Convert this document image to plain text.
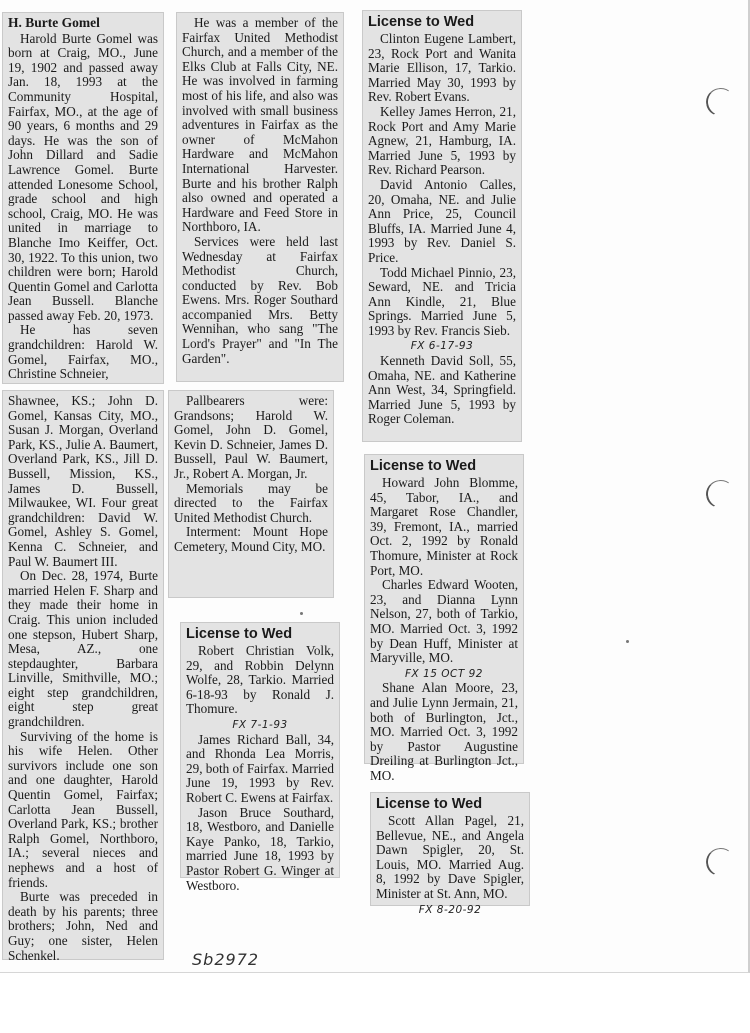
H. Burte Gomel

Harold Burte Gomel was born at Craig, MO., June 19, 1902 and passed away Jan. 18, 1993 at the Community Hospital, Fairfax, MO., at the age of 90 years, 6 months and 29 days. He was the son of John Dillard and Sadie Lawrence Gomel. Burte attended Lonesome School, grade school and high school, Craig, MO. He was united in marriage to Blanche Imo Keiffer, Oct. 30, 1922. To this union, two children were born; Harold Quentin Gomel and Carlotta Jean Bussell. Blanche passed away Feb. 20, 1973.

He has seven grandchildren: Harold W. Gomel, Fairfax, MO., Christine Schneier,

He was a member of the Fairfax United Methodist Church, and a member of the Elks Club at Falls City, NE. He was involved in farming most of his life, and also was involved with small business adventures in Fairfax as the owner of McMahon Hardware and McMahon International Harvester. Burte and his brother Ralph also owned and operated a Hardware and Feed Store in Northboro, IA.

Services were held last Wednesday at Fairfax Methodist Church, conducted by Rev. Bob Ewens. Mrs. Roger Southard accompanied Mrs. Betty Wennihan, who sang "The Lord's Prayer" and "In The Garden".

Shawnee, KS.; John D. Gomel, Kansas City, MO., Susan J. Morgan, Overland Park, KS., Julie A. Baumert, Overland Park, KS., Jill D. Bussell, Mission, KS., James D. Bussell, Milwaukee, WI. Four great grandchildren: David W. Gomel, Ashley S. Gomel, Kenna C. Schneier, and Paul W. Baumert III.

On Dec. 28, 1974, Burte married Helen F. Sharp and they made their home in Craig. This union included one stepson, Hubert Sharp, Mesa, AZ., one stepdaughter, Barbara Linville, Smithville, MO.; eight step grandchildren, eight step great grandchildren.

Surviving of the home is his wife Helen. Other survivors include one son and one daughter, Harold Quentin Gomel, Fairfax; Carlotta Jean Bussell, Overland Park, KS.; brother Ralph Gomel, Northboro, IA.; several nieces and nephews and a host of friends.

Burte was preceded in death by his parents; three brothers; John, Ned and Guy; one sister, Helen Schenkel.

Pallbearers were: Grandsons; Harold W. Gomel, John D. Gomel, Kevin D. Schneier, James D. Bussell, Paul W. Baumert, Jr., Robert A. Morgan, Jr.

Memorials may be directed to the Fairfax United Methodist Church.

Interment: Mount Hope Cemetery, Mound City, MO.

License to Wed

Clinton Eugene Lambert, 23, Rock Port and Wanita Marie Ellison, 17, Tarkio. Married May 30, 1993 by Rev. Robert Evans.

Kelley James Herron, 21, Rock Port and Amy Marie Agnew, 21, Hamburg, IA. Married June 5, 1993 by Rev. Richard Pearson.

David Antonio Calles, 20, Omaha, NE. and Julie Ann Price, 25, Council Bluffs, IA. Married June 4, 1993 by Rev. Daniel S. Price.

Todd Michael Pinnio, 23, Seward, NE. and Tricia Ann Kindle, 21, Blue Springs. Married June 5, 1993 by Rev. Francis Sieb.

FX 6-17-93

Kenneth David Soll, 55, Omaha, NE. and Katherine Ann West, 34, Springfield. Married June 5, 1993 by Roger Coleman.

License to Wed

Howard John Blomme, 45, Tabor, IA., and Margaret Rose Chandler, 39, Fremont, IA., married Oct. 2, 1992 by Ronald Thomure, Minister at Rock Port, MO.

Charles Edward Wooten, 23, and Dianna Lynn Nelson, 27, both of Tarkio, MO. Married Oct. 3, 1992 by Dean Huff, Minister at Maryville, MO.

FX 15 OCT 92

Shane Alan Moore, 23, and Julie Lynn Jermain, 21, both of Burlington, Jct., MO. Married Oct. 3, 1992 by Pastor Augustine Dreiling at Burlington Jct., MO.

License to Wed

Robert Christian Volk, 29, and Robbin Delynn Wolfe, 28, Tarkio. Married 6-18-93 by Ronald J. Thomure.

FX 7-1-93

James Richard Ball, 34, and Rhonda Lea Morris, 29, both of Fairfax. Married June 19, 1993 by Rev. Robert C. Ewens at Fairfax.

Jason Bruce Southard, 18, Westboro, and Danielle Kaye Panko, 18, Tarkio, married June 18, 1993 by Pastor Robert G. Winger at Westboro.

License to Wed

Scott Allan Pagel, 21, Bellevue, NE., and Angela Dawn Spigler, 20, St. Louis, MO. Married Aug. 8, 1992 by Dave Spigler, Minister at St. Ann, MO.

FX 8-20-92
Sb2972
